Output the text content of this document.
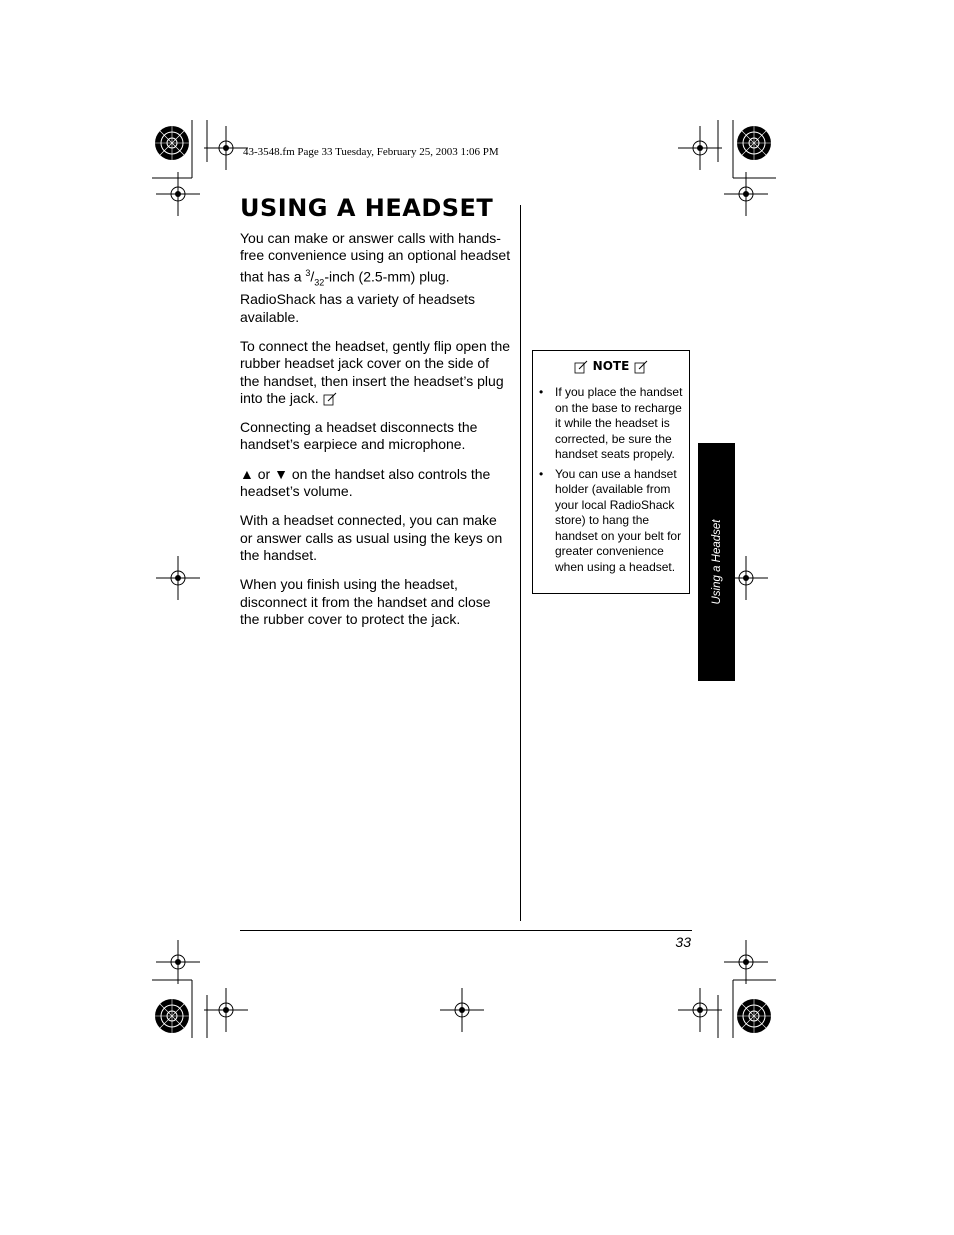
43-3548.fm Page 33 Tuesday, February 25, 2003 1:06 PM
USING A HEADSET

You can make or answer calls with hands-free convenience using an optional headset that has a $^3/_{32}$-inch (2.5-mm) plug. RadioShack has a variety of headsets available.

To connect the headset, gently flip open the rubber headset jack cover on the side of the handset, then insert the headset’s plug into the jack.

Connecting a headset disconnects the handset’s earpiece and microphone.

▲ or ▼ on the handset also controls the headset’s volume.

With a headset connected, you can make or answer calls as usual using the keys on the handset.

When you finish using the headset, disconnect it from the handset and close the rubber cover to protect the jack.

NOTE
• If you place the handset on the base to recharge it while the headset is corrected, be sure the handset seats propely.
• You can use a handset holder (available from your local RadioShack store) to hang the handset on your belt for greater convenience when using a headset.	Using a Headset
33
